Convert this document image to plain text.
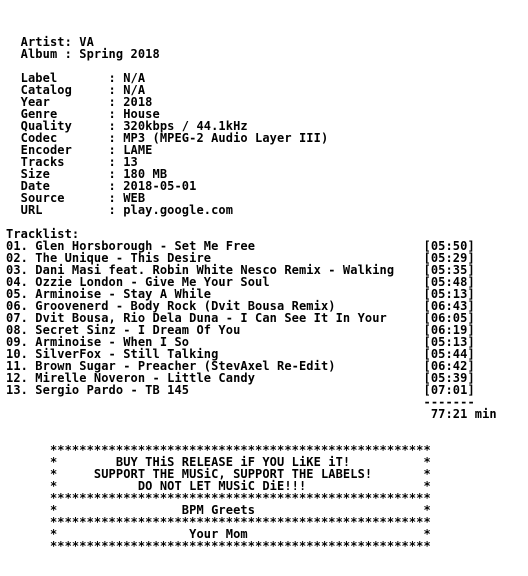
Artist: VA
Album : Spring 2018
Label       : N/A
Catalog     : N/A
Year        : 2018
Genre       : House
Quality     : 320kbps / 44.1kHz
Codec       : MP3 (MPEG-2 Audio Layer III)
Encoder     : LAME
Tracks      : 13
Size        : 180 MB
Date        : 2018-05-01
Source      : WEB
URL         : play.google.com
Tracklist:
01. Glen Horsborough - Set Me Free                       [05:50]
02. The Unique - This Desire                             [05:29]
03. Dani Masi feat. Robin White Nesco Remix - Walking    [05:35]
04. Ozzie London - Give Me Your Soul                     [05:48]
05. Arminoise - Stay A While                             [05:13]
06. Groovenerd - Body Rock (Dvit Bousa Remix)            [06:43]
07. Dvit Bousa, Rio Dela Duna - I Can See It In Your     [06:05]
08. Secret Sinz - I Dream Of You                         [06:19]
09. Arminoise - When I So                                [05:13]
10. SilverFox - Still Talking                            [05:44]
11. Brown Sugar - Preacher (StevAxel Re-Edit)            [06:42]
12. Mirelle Noveron - Little Candy                       [05:39]
13. Sergio Pardo - TB 145                                [07:01]
-------
77:21 min
****************************************************
*        BUY THiS RELEASE iF YOU LiKE iT!          *
*     SUPPORT THE MUSiC, SUPPORT THE LABELS!       *
*           DO NOT LET MUSiC DiE!!!                *
****************************************************
*                 BPM Greets                       *
****************************************************
*                  Your Mom                        *
****************************************************
